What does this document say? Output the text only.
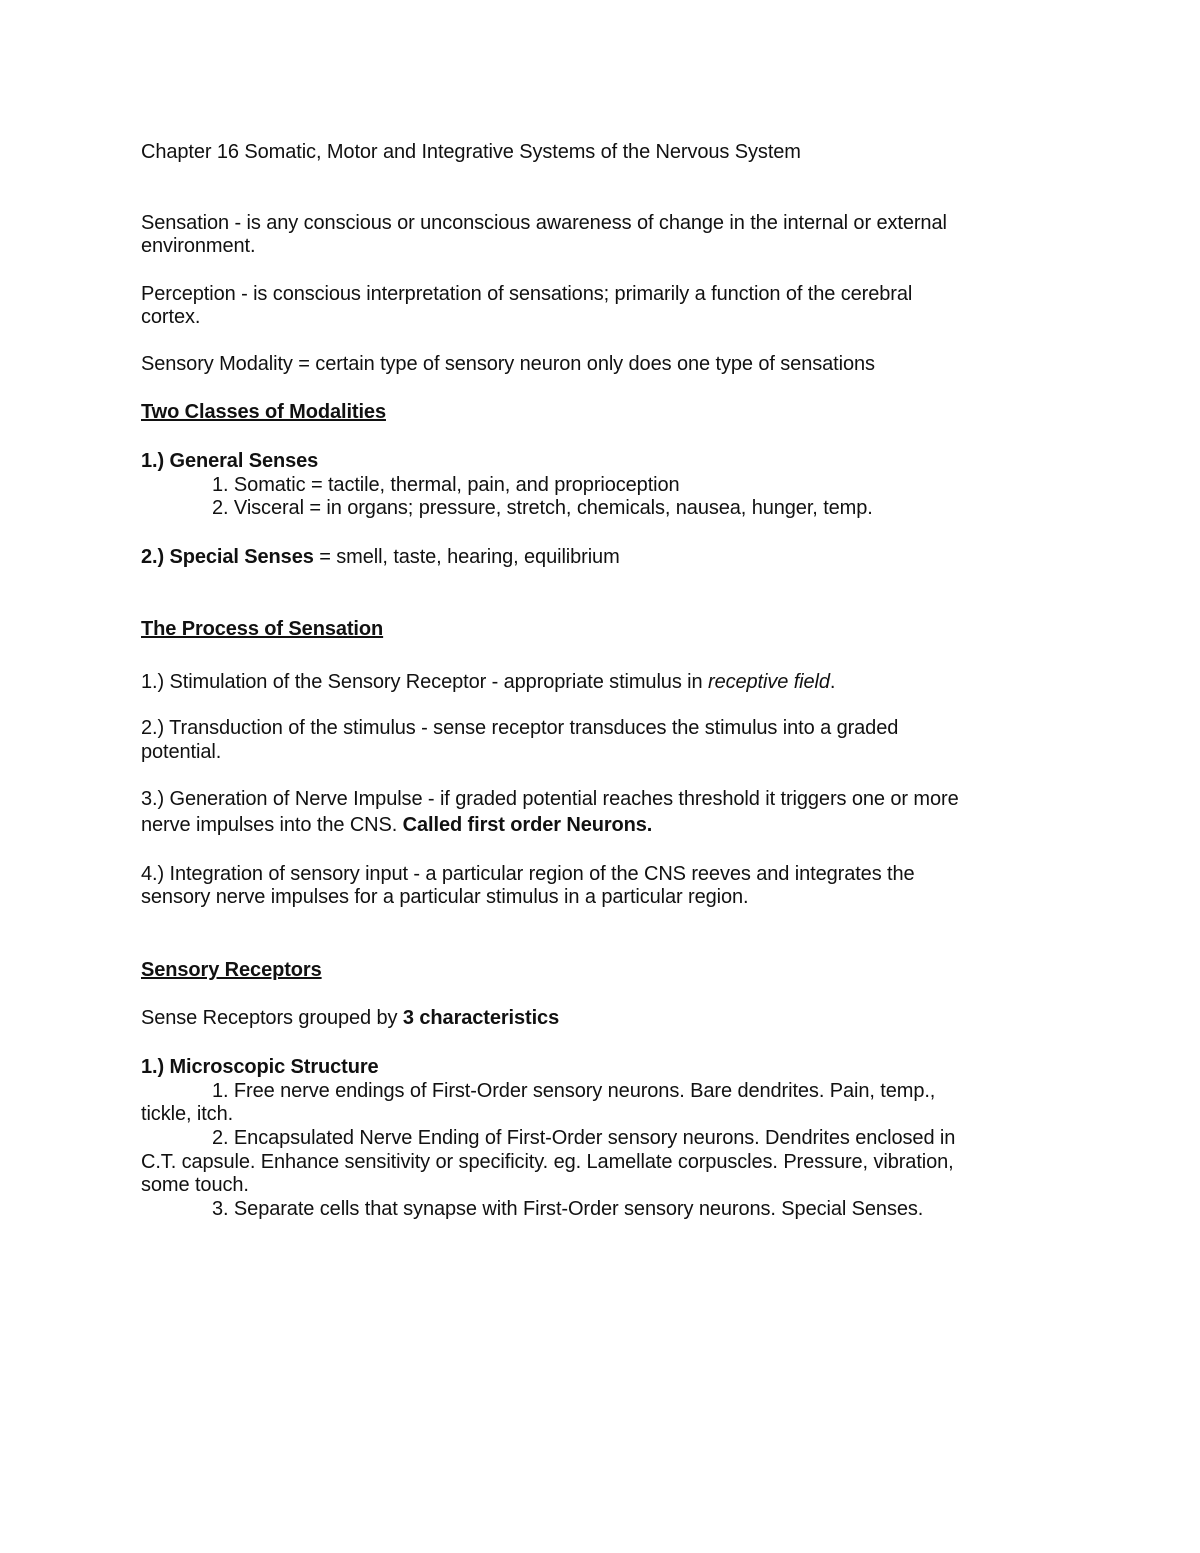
Chapter 16 Somatic, Motor and Integrative Systems of the Nervous System
Sensation - is any conscious or unconscious awareness of change in the internal or external
environment.
Perception - is conscious interpretation of sensations; primarily a function of the cerebral
cortex.
Sensory Modality = certain type of sensory neuron only does one type of sensations
Two Classes of Modalities
1.) General Senses
1. Somatic = tactile, thermal, pain, and proprioception
2. Visceral = in organs; pressure, stretch, chemicals, nausea, hunger, temp.
2.) Special Senses = smell, taste, hearing, equilibrium
The Process of Sensation
1.) Stimulation of the Sensory Receptor - appropriate stimulus in receptive field.
2.) Transduction of the stimulus - sense receptor transduces the stimulus into a graded
potential.
3.) Generation of Nerve Impulse - if graded potential reaches threshold it triggers one or more
nerve impulses into the CNS. Called first order Neurons.
4.) Integration of sensory input - a particular region of the CNS reeves and integrates the
sensory nerve impulses for a particular stimulus in a particular region.
Sensory Receptors
Sense Receptors grouped by 3 characteristics
1.) Microscopic Structure
1. Free nerve endings of First-Order sensory neurons. Bare dendrites. Pain, temp.,
tickle, itch.
2. Encapsulated Nerve Ending of First-Order sensory neurons. Dendrites enclosed in
C.T. capsule. Enhance sensitivity or specificity. eg. Lamellate corpuscles. Pressure, vibration,
some touch.
3. Separate cells that synapse with First-Order sensory neurons. Special Senses.
